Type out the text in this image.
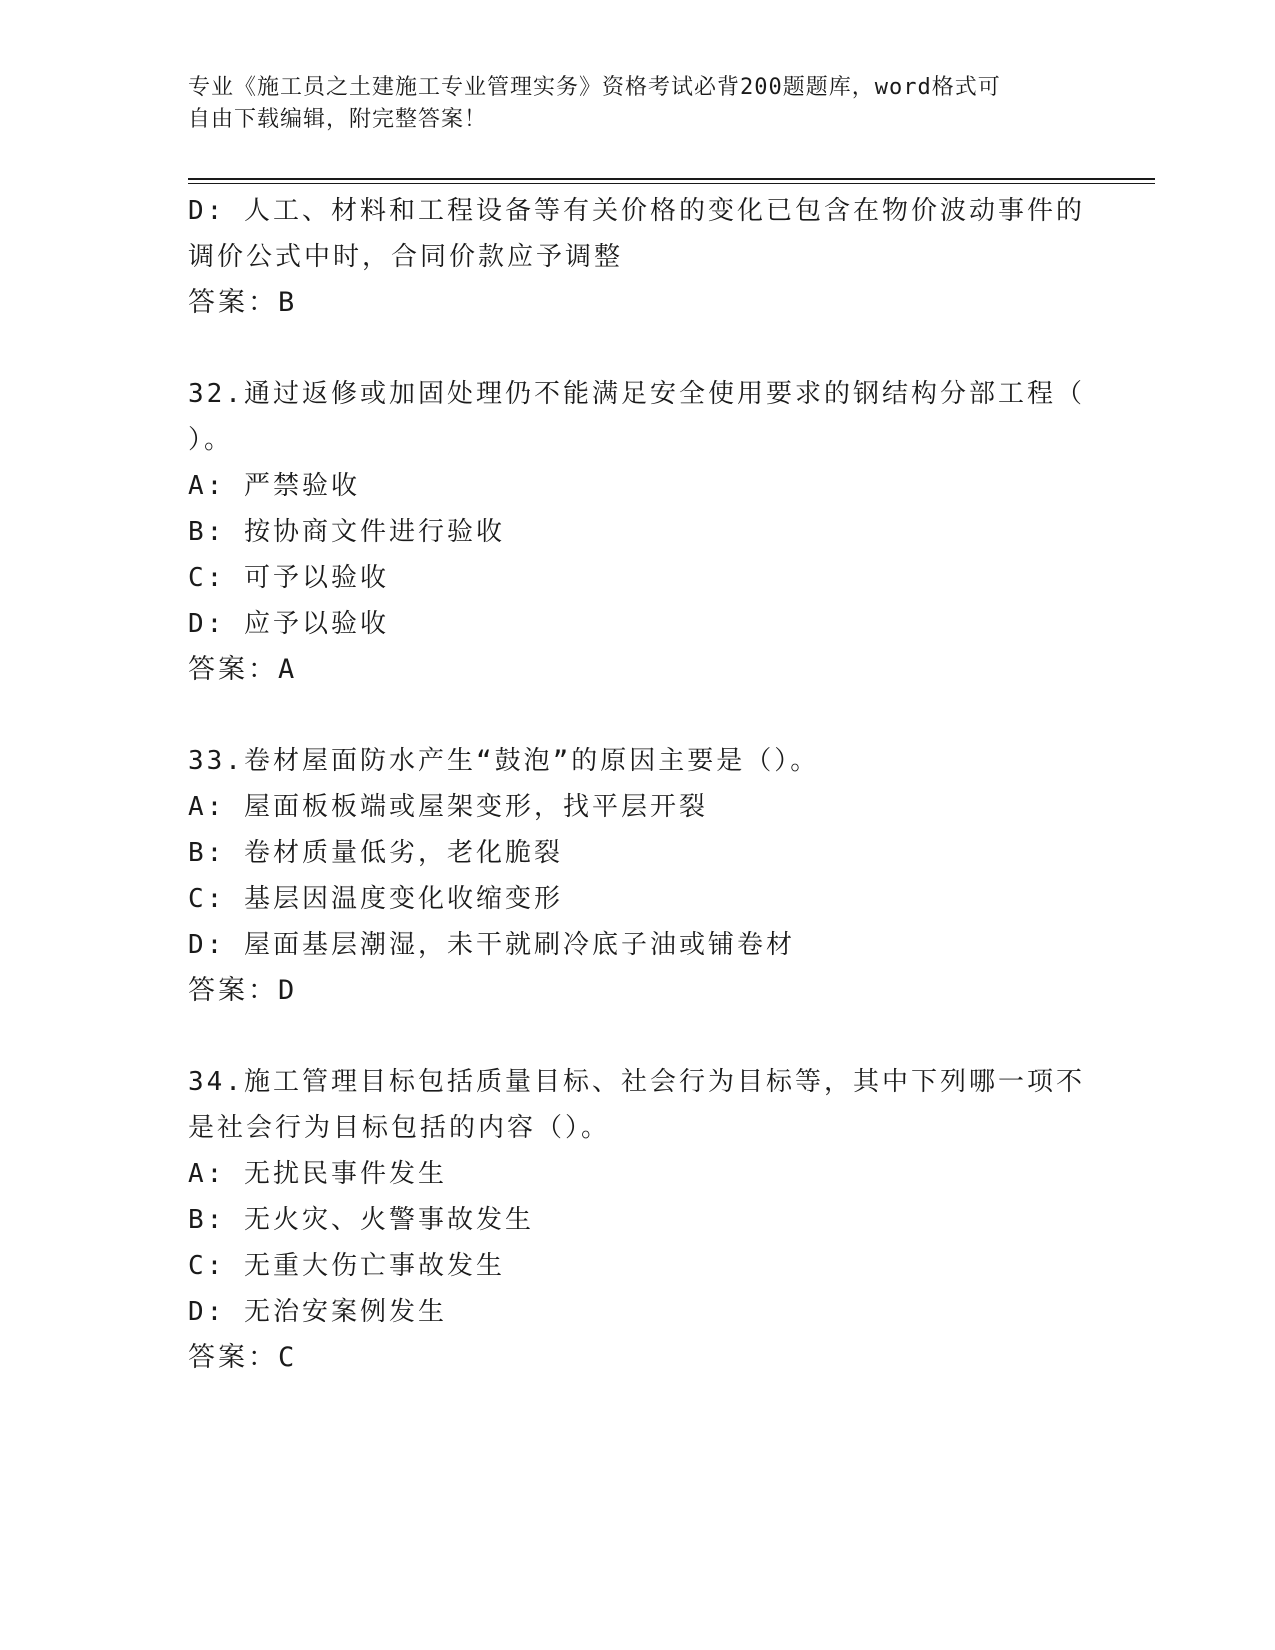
专业《施工员之土建施工专业管理实务》资格考试必背200题题库，word格式可
自由下载编辑，附完整答案！
D: 人工、材料和工程设备等有关价格的变化已包含在物价波动事件的
调价公式中时，合同价款应予调整
答案：B
32.通过返修或加固处理仍不能满足安全使用要求的钢结构分部工程（
）。
A: 严禁验收
B: 按协商文件进行验收
C: 可予以验收
D: 应予以验收
答案：A
33.卷材屋面防水产生“鼓泡”的原因主要是（）。
A: 屋面板板端或屋架变形，找平层开裂
B: 卷材质量低劣，老化脆裂
C: 基层因温度变化收缩变形
D: 屋面基层潮湿，未干就刷冷底子油或铺卷材
答案：D
34.施工管理目标包括质量目标、社会行为目标等，其中下列哪一项不
是社会行为目标包括的内容（）。
A: 无扰民事件发生
B: 无火灾、火警事故发生
C: 无重大伤亡事故发生
D: 无治安案例发生
答案：C
